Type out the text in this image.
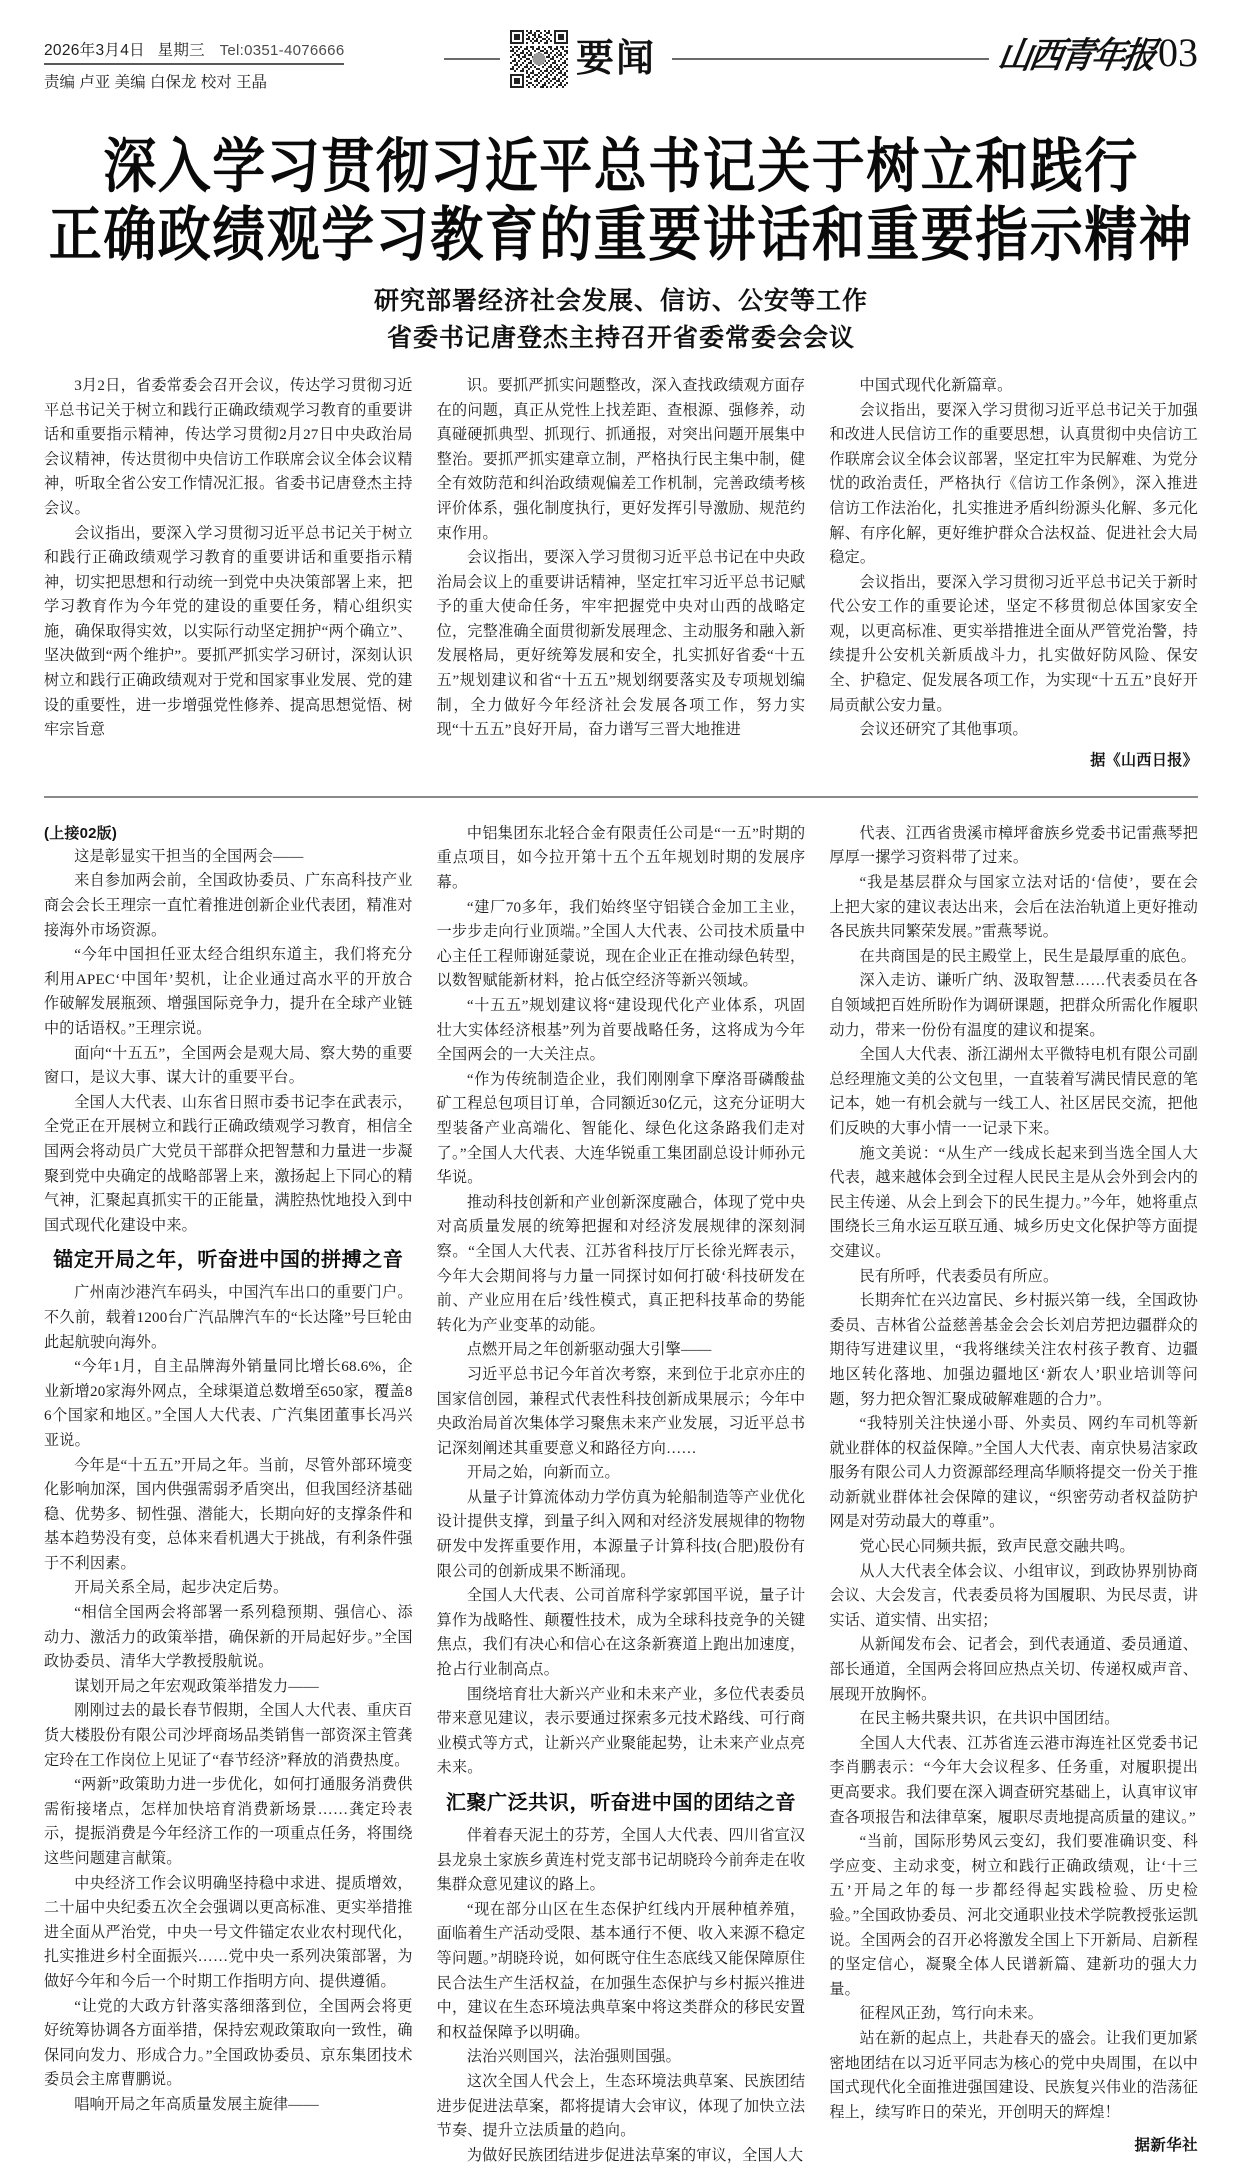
2026年3月4日 星期三 Tel:0351-4076666
责编 卢亚 美编 白保龙 校对 王晶
要闻	山西青年报 03
深入学习贯彻习近平总书记关于树立和践行
正确政绩观学习教育的重要讲话和重要指示精神
研究部署经济社会发展、信访、公安等工作
省委书记唐登杰主持召开省委常委会会议

3月2日，省委常委会召开会议，传达学习贯彻习近平总书记关于树立和践行正确政绩观学习教育的重要讲话和重要指示精神，传达学习贯彻2月27日中央政治局会议精神，传达贯彻中央信访工作联席会议全体会议精神，听取全省公安工作情况汇报。省委书记唐登杰主持会议。

会议指出，要深入学习贯彻习近平总书记关于树立和践行正确政绩观学习教育的重要讲话和重要指示精神，切实把思想和行动统一到党中央决策部署上来，把学习教育作为今年党的建设的重要任务，精心组织实施，确保取得实效，以实际行动坚定拥护“两个确立”、坚决做到“两个维护”。要抓严抓实学习研讨，深刻认识树立和践行正确政绩观对于党和国家事业发展、党的建设的重要性，进一步增强党性修养、提高思想觉悟、树牢宗旨意

识。要抓严抓实问题整改，深入查找政绩观方面存在的问题，真正从党性上找差距、查根源、强修养，动真碰硬抓典型、抓现行、抓通报，对突出问题开展集中整治。要抓严抓实建章立制，严格执行民主集中制，健全有效防范和纠治政绩观偏差工作机制，完善政绩考核评价体系，强化制度执行，更好发挥引导激励、规范约束作用。

会议指出，要深入学习贯彻习近平总书记在中央政治局会议上的重要讲话精神，坚定扛牢习近平总书记赋予的重大使命任务，牢牢把握党中央对山西的战略定位，完整准确全面贯彻新发展理念、主动服务和融入新发展格局，更好统筹发展和安全，扎实抓好省委“十五五”规划建议和省“十五五”规划纲要落实及专项规划编制，全力做好今年经济社会发展各项工作，努力实现“十五五”良好开局，奋力谱写三晋大地推进

中国式现代化新篇章。

会议指出，要深入学习贯彻习近平总书记关于加强和改进人民信访工作的重要思想，认真贯彻中央信访工作联席会议全体会议部署，坚定扛牢为民解难、为党分忧的政治责任，严格执行《信访工作条例》，深入推进信访工作法治化，扎实推进矛盾纠纷源头化解、多元化解、有序化解，更好维护群众合法权益、促进社会大局稳定。

会议指出，要深入学习贯彻习近平总书记关于新时代公安工作的重要论述，坚定不移贯彻总体国家安全观，以更高标准、更实举措推进全面从严管党治警，持续提升公安机关新质战斗力，扎实做好防风险、保安全、护稳定、促发展各项工作，为实现“十五五”良好开局贡献公安力量。

会议还研究了其他事项。

据《山西日报》
(上接02版)

这是彰显实干担当的全国两会——

来自参加两会前，全国政协委员、广东高科技产业商会会长王理宗一直忙着推进创新企业代表团，精准对接海外市场资源。

“今年中国担任亚太经合组织东道主，我们将充分利用APEC‘中国年’契机，让企业通过高水平的开放合作破解发展瓶颈、增强国际竞争力，提升在全球产业链中的话语权。”王理宗说。

面向“十五五”，全国两会是观大局、察大势的重要窗口，是议大事、谋大计的重要平台。

全国人大代表、山东省日照市委书记李在武表示，全党正在开展树立和践行正确政绩观学习教育，相信全国两会将动员广大党员干部群众把智慧和力量进一步凝聚到党中央确定的战略部署上来，激扬起上下同心的精气神，汇聚起真抓实干的正能量，满腔热忱地投入到中国式现代化建设中来。

锚定开局之年，听奋进中国的拼搏之音

广州南沙港汽车码头，中国汽车出口的重要门户。不久前，载着1200台广汽品牌汽车的“长达隆”号巨轮由此起航驶向海外。

“今年1月，自主品牌海外销量同比增长68.6%，企业新增20家海外网点，全球渠道总数增至650家，覆盖86个国家和地区。”全国人大代表、广汽集团董事长冯兴亚说。

今年是“十五五”开局之年。当前，尽管外部环境变化影响加深，国内供强需弱矛盾突出，但我国经济基础稳、优势多、韧性强、潜能大，长期向好的支撑条件和基本趋势没有变，总体来看机遇大于挑战，有利条件强于不利因素。

开局关系全局，起步决定后势。

“相信全国两会将部署一系列稳预期、强信心、添动力、激活力的政策举措，确保新的开局起好步。”全国政协委员、清华大学教授殷航说。

谋划开局之年宏观政策举措发力——

刚刚过去的最长春节假期，全国人大代表、重庆百货大楼股份有限公司沙坪商场品类销售一部资深主管龚定玲在工作岗位上见证了“春节经济”释放的消费热度。

“两新”政策助力进一步优化，如何打通服务消费供需衔接堵点，怎样加快培育消费新场景……龚定玲表示，提振消费是今年经济工作的一项重点任务，将围绕这些问题建言献策。

中央经济工作会议明确坚持稳中求进、提质增效，二十届中央纪委五次全会强调以更高标准、更实举措推进全面从严治党，中央一号文件锚定农业农村现代化，扎实推进乡村全面振兴……党中央一系列决策部署，为做好今年和今后一个时期工作指明方向、提供遵循。

“让党的大政方针落实落细落到位，全国两会将更好统筹协调各方面举措，保持宏观政策取向一致性，确保同向发力、形成合力。”全国政协委员、京东集团技术委员会主席曹鹏说。

唱响开局之年高质量发展主旋律——

中铝集团东北轻合金有限责任公司是“一五”时期的重点项目，如今拉开第十五个五年规划时期的发展序幕。

“建厂70多年，我们始终坚守铝镁合金加工主业，一步步走向行业顶端。”全国人大代表、公司技术质量中心主任工程师谢延蒙说，现在企业正在推动绿色转型，以数智赋能新材料，抢占低空经济等新兴领域。

“十五五”规划建议将“建设现代化产业体系，巩固壮大实体经济根基”列为首要战略任务，这将成为今年全国两会的一大关注点。

“作为传统制造企业，我们刚刚拿下摩洛哥磷酸盐矿工程总包项目订单，合同额近30亿元，这充分证明大型装备产业高端化、智能化、绿色化这条路我们走对了。”全国人大代表、大连华锐重工集团副总设计师孙元华说。

推动科技创新和产业创新深度融合，体现了党中央对高质量发展的统筹把握和对经济发展规律的深刻洞察。“全国人大代表、江苏省科技厅厅长徐光辉表示，今年大会期间将与力量一同探讨如何打破‘科技研发在前、产业应用在后’线性模式，真正把科技革命的势能转化为产业变革的动能。

点燃开局之年创新驱动强大引擎——

习近平总书记今年首次考察，来到位于北京亦庄的国家信创园，兼程式代表性科技创新成果展示；今年中央政治局首次集体学习聚焦未来产业发展，习近平总书记深刻阐述其重要意义和路径方向……

开局之始，向新而立。

从量子计算流体动力学仿真为轮船制造等产业优化设计提供支撑，到量子纠入网和对经济发展规律的物物研发中发挥重要作用，本源量子计算科技(合肥)股份有限公司的创新成果不断涌现。

全国人大代表、公司首席科学家郭国平说，量子计算作为战略性、颠覆性技术，成为全球科技竞争的关键焦点，我们有决心和信心在这条新赛道上跑出加速度，抢占行业制高点。

围绕培育壮大新兴产业和未来产业，多位代表委员带来意见建议，表示要通过探索多元技术路线、可行商业模式等方式，让新兴产业聚能起势，让未来产业点亮未来。

汇聚广泛共识，听奋进中国的团结之音

伴着春天泥土的芬芳，全国人大代表、四川省宣汉县龙泉土家族乡黄连村党支部书记胡晓玲今前奔走在收集群众意见建议的路上。

“现在部分山区在生态保护红线内开展种植养殖，面临着生产活动受限、基本通行不便、收入来源不稳定等问题。”胡晓玲说，如何既守住生态底线又能保障原住民合法生产生活权益，在加强生态保护与乡村振兴推进中，建议在生态环境法典草案中将这类群众的移民安置和权益保障予以明确。

法治兴则国兴，法治强则国强。

这次全国人代会上，生态环境法典草案、民族团结进步促进法草案，都将提请大会审议，体现了加快立法节奏、提升立法质量的趋向。

为做好民族团结进步促进法草案的审议，全国人大

代表、江西省贵溪市樟坪畲族乡党委书记雷燕琴把厚厚一摞学习资料带了过来。

“我是基层群众与国家立法对话的‘信使’，要在会上把大家的建议表达出来，会后在法治轨道上更好推动各民族共同繁荣发展。”雷燕琴说。

在共商国是的民主殿堂上，民生是最厚重的底色。

深入走访、谦听广纳、汲取智慧……代表委员在各自领域把百姓所盼作为调研课题，把群众所需化作履职动力，带来一份份有温度的建议和提案。

全国人大代表、浙江湖州太平微特电机有限公司副总经理施文美的公文包里，一直装着写满民情民意的笔记本，她一有机会就与一线工人、社区居民交流，把他们反映的大事小情一一记录下来。

施文美说：“从生产一线成长起来到当选全国人大代表，越来越体会到全过程人民民主是从会外到会内的民主传递、从会上到会下的民生提力。”今年，她将重点围绕长三角水运互联互通、城乡历史文化保护等方面提交建议。

民有所呼，代表委员有所应。

长期奔忙在兴边富民、乡村振兴第一线，全国政协委员、吉林省公益慈善基金会会长刘启芳把边疆群众的期待写进建议里，“我将继续关注农村孩子教育、边疆地区转化落地、加强边疆地区‘新农人’职业培训等问题，努力把众智汇聚成破解难题的合力”。

“我特别关注快递小哥、外卖员、网约车司机等新就业群体的权益保障。”全国人大代表、南京快易洁家政服务有限公司人力资源部经理高华顺将提交一份关于推动新就业群体社会保障的建议，“织密劳动者权益防护网是对劳动最大的尊重”。

党心民心同频共振，致声民意交融共鸣。

从人大代表全体会议、小组审议，到政协界别协商会议、大会发言，代表委员将为国履职、为民尽责，讲实话、道实情、出实招；

从新闻发布会、记者会，到代表通道、委员通道、部长通道，全国两会将回应热点关切、传递权威声音、展现开放胸怀。

在民主畅共聚共识，在共识中国团结。

全国人大代表、江苏省连云港市海连社区党委书记李肖鹏表示：“今年大会议程多、任务重，对履职提出更高要求。我们要在深入调查研究基础上，认真审议审查各项报告和法律草案，履职尽责地提高质量的建议。”

“当前，国际形势风云变幻，我们要准确识变、科学应变、主动求变，树立和践行正确政绩观，让‘十三五’开局之年的每一步都经得起实践检验、历史检验。”全国政协委员、河北交通职业技术学院教授张运凯说。全国两会的召开必将激发全国上下开新局、启新程的坚定信心，凝聚全体人民谱新篇、建新功的强大力量。

征程风正劲，笃行向未来。

站在新的起点上，共赴春天的盛会。让我们更加紧密地团结在以习近平同志为核心的党中央周围，在以中国式现代化全面推进强国建设、民族复兴伟业的浩荡征程上，续写昨日的荣光，开创明天的辉煌！

据新华社
